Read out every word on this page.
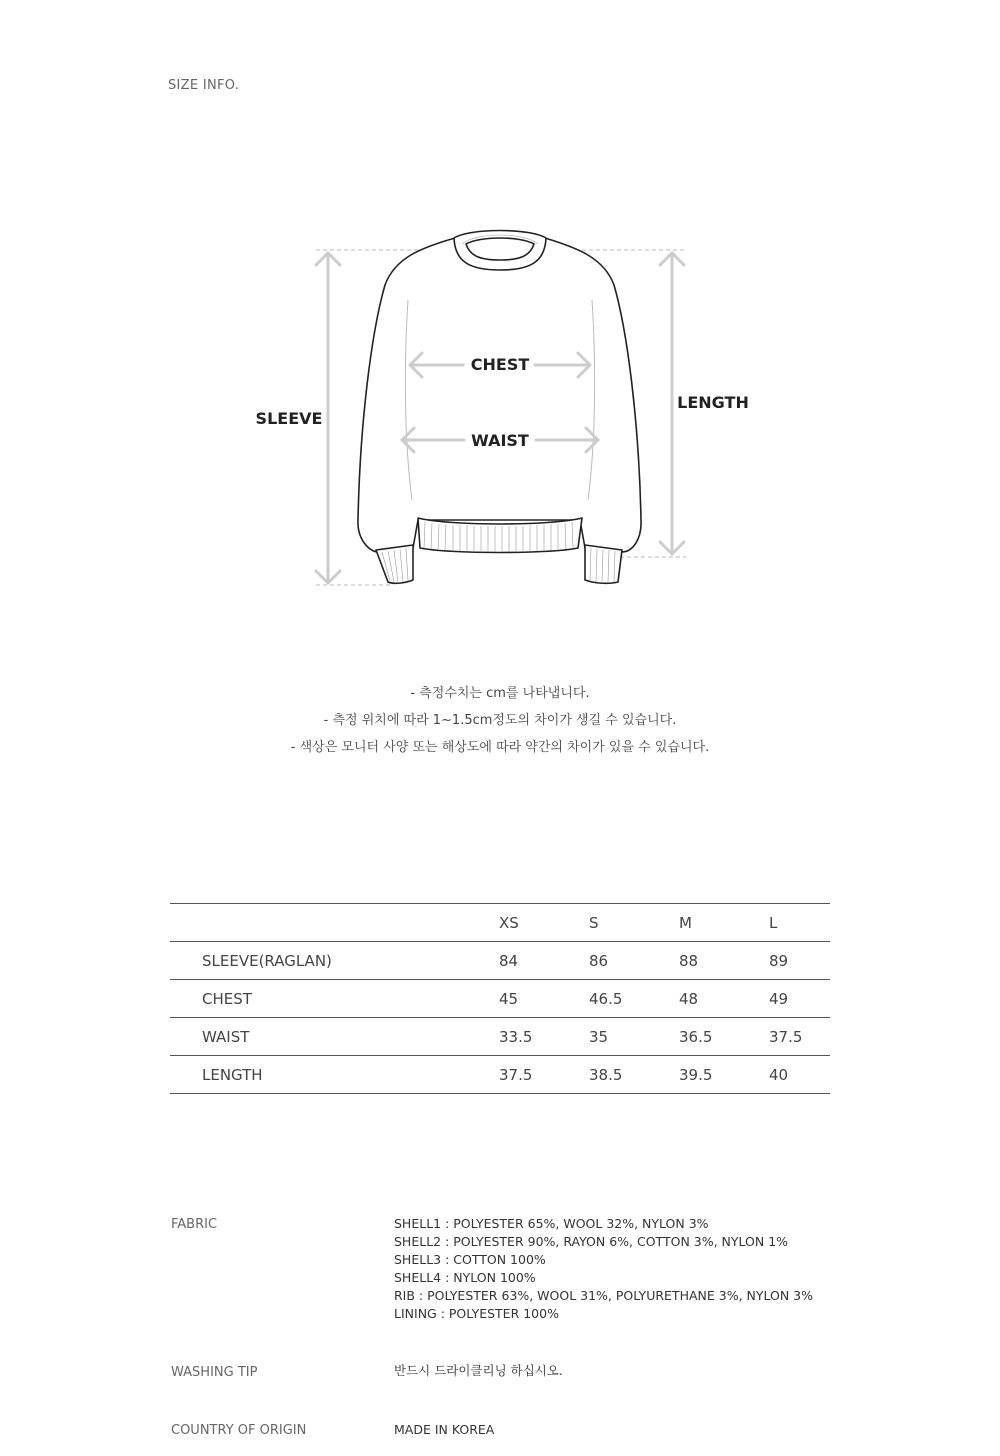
SIZE INFO.
SLEEVE
CHEST
WAIST
LENGTH
- 측정수치는 cm를 나타냅니다.
- 측정 위치에 따라 1~1.5cm정도의 차이가 생길 수 있습니다.
- 색상은 모니터 사양 또는 해상도에 따라 약간의 차이가 있을 수 있습니다.
	XS	S	M	L
SLEEVE(RAGLAN)	84	86	88	89
CHEST	45	46.5	48	49
WAIST	33.5	35	36.5	37.5
LENGTH	37.5	38.5	39.5	40
FABRIC	SHELL1 : POLYESTER 65%, WOOL 32%, NYLON 3%
SHELL2 : POLYESTER 90%, RAYON 6%, COTTON 3%, NYLON 1%
SHELL3 : COTTON 100%
SHELL4 : NYLON 100%
RIB : POLYESTER 63%, WOOL 31%, POLYURETHANE 3%, NYLON 3%
LINING : POLYESTER 100%
WASHING TIP	반드시 드라이클리닝 하십시오.
COUNTRY OF ORIGIN	MADE IN KOREA
